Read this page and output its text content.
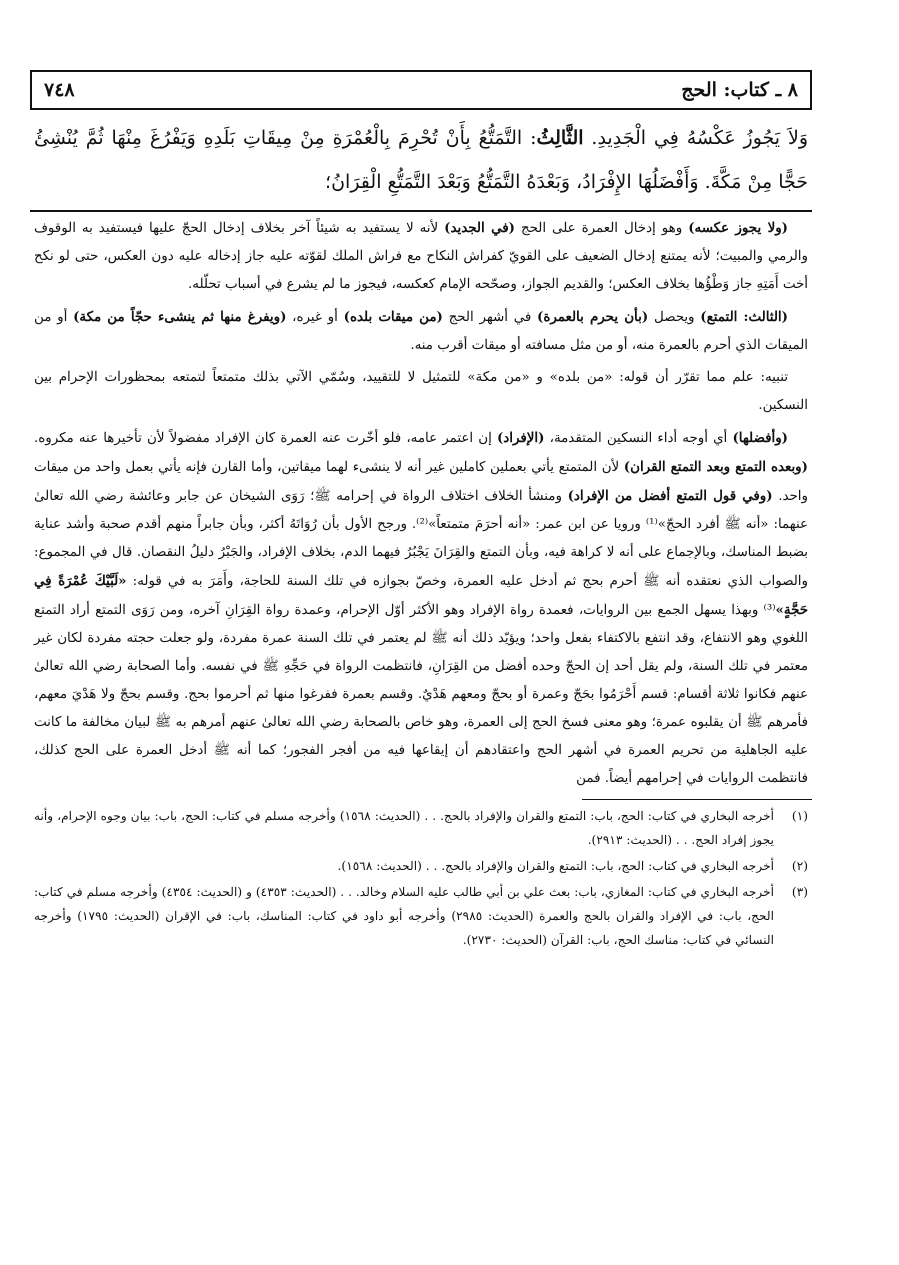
٨ ـ كتاب: الحج
٧٤٨
وَلاَ يَجُوزُ عَكْسُهُ فِي الْجَدِيدِ. الثَّالِثُ: التَّمَتُّعُ بِأَنْ تُحْرِمَ بِالْعُمْرَةِ مِنْ مِيقَاتِ بَلَدِهِ وَيَفْرُغَ مِنْهَا ثُمَّ يُنْشِئُ حَجًّا مِنْ مَكَّةَ. وَأَفْضَلُهَا الإِفْرَادُ، وَبَعْدَهُ التَّمَتُّعُ وَبَعْدَ التَّمَتُّعِ الْقِرَانُ؛

(ولا يجوز عكسه) وهو إدخال العمرة على الحج (في الجديد) لأنه لا يستفيد به شيئاً آخر بخلاف إدخال الحجّ عليها فيستفيد به الوقوف والرمي والمبيت؛ لأنه يمتنع إدخال الضعيف على القويّ كفراش النكاح مع فراش الملك لقوّته عليه جاز إدخاله عليه دون العكس، حتى لو نكح أخت أَمَتِهِ جاز وَطْؤُها بخلاف العكس؛ والقديم الجواز، وصحّحه الإمام كعكسه، فيجوز ما لم يشرع في أسباب تحلّله.

(الثالث: التمتع) ويحصل (بأن يحرم بالعمرة) في أشهر الحج (من ميقات بلده) أو غيره، (ويفرغ منها ثم ينشىء حجّاً من مكة) أو من الميقات الذي أحرم بالعمرة منه، أو من مثل مسافته أو ميقات أقرب منه.

تنبيه: علم مما تقرّر أن قوله: «من بلده» و «من مكة» للتمثيل لا للتقييد، وسُمّي الآتي بذلك متمتعاً لتمتعه بمحظورات الإحرام بين النسكين.

(وأفضلها) أي أوجه أداء النسكين المتقدمة، (الإفراد) إن اعتمر عامه، فلو أخّرت عنه العمرة كان الإفراد مفضولاً لأن تأخيرها عنه مكروه. (وبعده التمتع وبعد التمتع القران) لأن المتمتع يأتي بعملين كاملين غير أنه لا ينشىء لهما ميقاتين، وأما القارن فإنه يأتي بعمل واحد من ميقات واحد. (وفي قول التمتع أفضل من الإفراد) ومنشأ الخلاف اختلاف الرواة في إحرامه ﷺ؛ رَوَى الشيخان عن جابر وعائشة رضي الله تعالىٰ عنهما: «أنه ﷺ أفرد الحجّ»⁽¹⁾ ورويا عن ابن عمر: «أنه أحرَمَ متمتعاً»⁽²⁾. ورجح الأول بأن رُوَاتَهُ أكثر، وبأن جابراً منهم أقدم صحبة وأشد عناية بضبط المناسك، وبالإجماع على أنه لا كراهة فيه، وبأن التمتع والقِرَانَ يَجْبُرُ فيهما الدم، بخلاف الإفراد، والجَبْرُ دليلُ النقصان. قال في المجموع: والصواب الذي نعتقده أنه ﷺ أحرم بحج ثم أدخل عليه العمرة، وخصّ بجوازه في تلك السنة للحاجة، وأَمَرَ به في قوله: «لَبَّيْكَ عُمْرَةً فِي حَجَّةٍ»⁽³⁾ وبهذا يسهل الجمع بين الروايات، فعمدة رواة الإفراد وهو الأكثر أوّل الإحرام، وعمدة رواة القِرَانِ آخره، ومن رَوَى التمتع أراد التمتع اللغوي وهو الانتفاع، وقد انتفع بالاكتفاء بفعل واحد؛ ويؤيّد ذلك أنه ﷺ لم يعتمر في تلك السنة عمرة مفردة، ولو جعلت حجته مفردة لكان غير معتمر في تلك السنة، ولم يقل أحد إن الحجّ وحده أفضل من القِرَانِ، فانتظمت الرواة في حَجِّهِ ﷺ في نفسه. وأما الصحابة رضي الله تعالىٰ عنهم فكانوا ثلاثة أقسام: قسم أَحْرَمُوا بحَجّ وعمرة أو بحجّ ومعهم هَدْيٌ. وقسم بعمرة ففرغوا منها ثم أحرموا بحج. وقسم بحجّ ولا هَدْيَ معهم، فأمرهم ﷺ أن يقلبوه عمرة؛ وهو معنى فسخ الحج إلى العمرة، وهو خاص بالصحابة رضي الله تعالىٰ عنهم أمرهم به ﷺ لبيان مخالفة ما كانت عليه الجاهلية من تحريم العمرة في أشهر الحج واعتقادهم أن إيقاعها فيه من أفجر الفجور؛ كما أنه ﷺ أدخل العمرة على الحج كذلك، فانتظمت الروايات في إحرامهم أيضاً. فمن

(١)
أخرجه البخاري في كتاب: الحج، باب: التمتع والقران والإفراد بالحج. . . (الحديث: ١٥٦٨) وأخرجه مسلم في كتاب: الحج، باب: بيان وجوه الإحرام، وأنه يجوز إفراد الحج. . . (الحديث: ٢٩١٣).
(٢)
أخرجه البخاري في كتاب: الحج، باب: التمتع والقران والإفراد بالحج. . . (الحديث: ١٥٦٨).
(٣)
أخرجه البخاري في كتاب: المغازي، باب: بعث علي بن أبي طالب عليه السلام وخالد. . . (الحديث: ٤٣٥٣) و (الحديث: ٤٣٥٤) وأخرجه مسلم في كتاب: الحج، باب: في الإفراد والقران بالحج والعمرة (الحديث: ٢٩٨٥) وأخرجه أبو داود في كتاب: المناسك، باب: في الإقران (الحديث: ١٧٩٥) وأخرجه النسائي في كتاب: مناسك الحج، باب: القرآن (الحديث: ٢٧٣٠).
